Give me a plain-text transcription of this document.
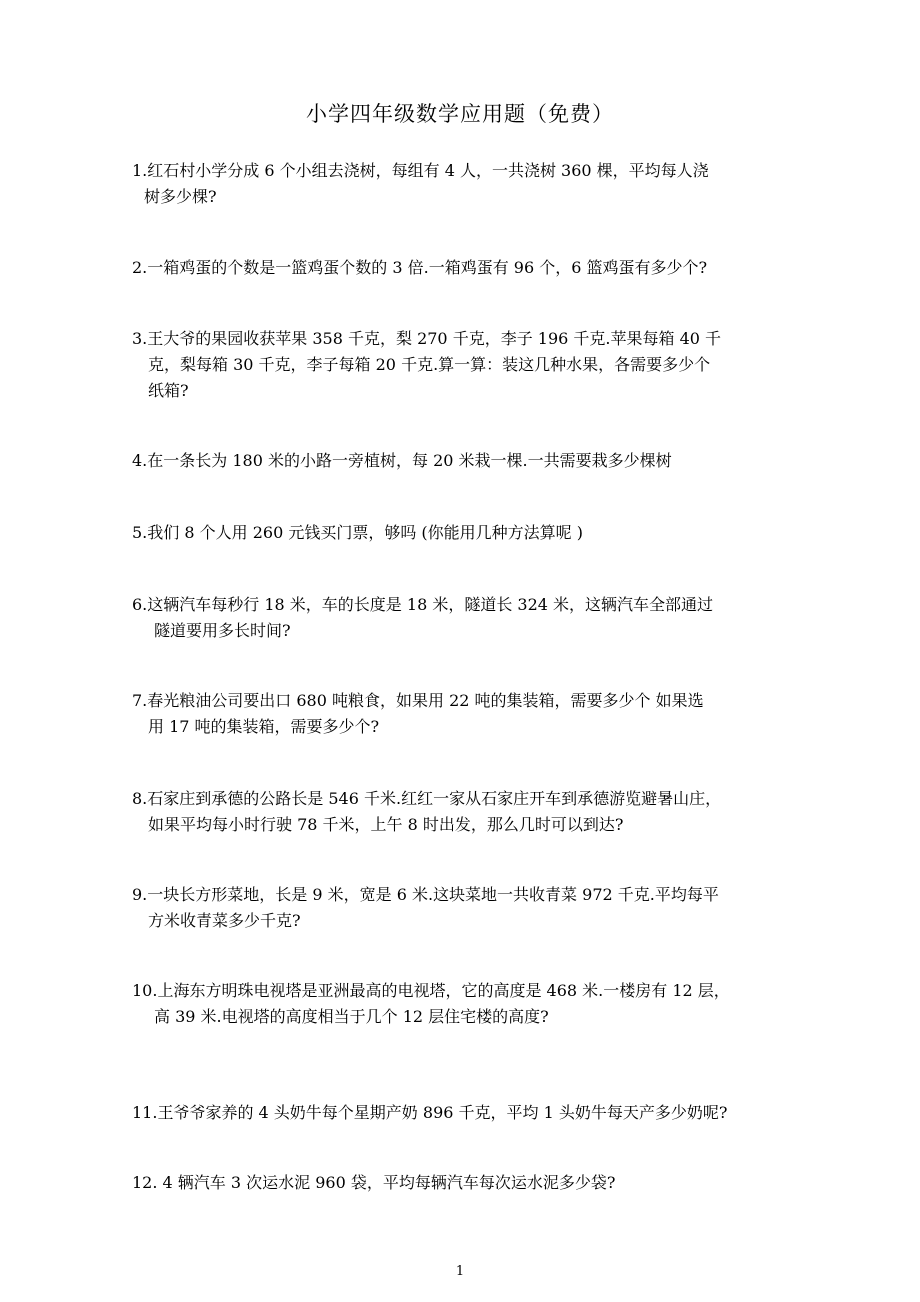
小学四年级数学应用题（免费）
1.红石村小学分成 6 个小组去浇树，每组有 4 人，一共浇树 360 棵，平均每人浇
树多少棵?
2.一箱鸡蛋的个数是一篮鸡蛋个数的 3 倍.一箱鸡蛋有 96 个，6 篮鸡蛋有多少个?
3.王大爷的果园收获苹果 358 千克，梨 270 千克，李子 196 千克.苹果每箱 40 千
克，梨每箱 30 千克，李子每箱 20 千克.算一算：装这几种水果，各需要多少个
纸箱?
4.在一条长为 180 米的小路一旁植树，每 20 米栽一棵.一共需要栽多少棵树
5.我们 8 个人用 260 元钱买门票，够吗 (你能用几种方法算呢 )
6.这辆汽车每秒行 18 米，车的长度是 18 米，隧道长 324 米，这辆汽车全部通过
隧道要用多长时间?
7.春光粮油公司要出口 680 吨粮食，如果用 22 吨的集装箱，需要多少个 如果选
用 17 吨的集装箱，需要多少个?
8.石家庄到承德的公路长是 546 千米.红红一家从石家庄开车到承德游览避暑山庄，
如果平均每小时行驶 78 千米，上午 8 时出发，那么几时可以到达?
9.一块长方形菜地，长是 9 米，宽是 6 米.这块菜地一共收青菜 972 千克.平均每平
方米收青菜多少千克?
10.上海东方明珠电视塔是亚洲最高的电视塔，它的高度是 468 米.一楼房有 12 层，
高 39 米.电视塔的高度相当于几个 12 层住宅楼的高度?
11.王爷爷家养的 4 头奶牛每个星期产奶 896 千克，平均 1 头奶牛每天产多少奶呢?
12. 4 辆汽车 3 次运水泥 960 袋，平均每辆汽车每次运水泥多少袋?
1
